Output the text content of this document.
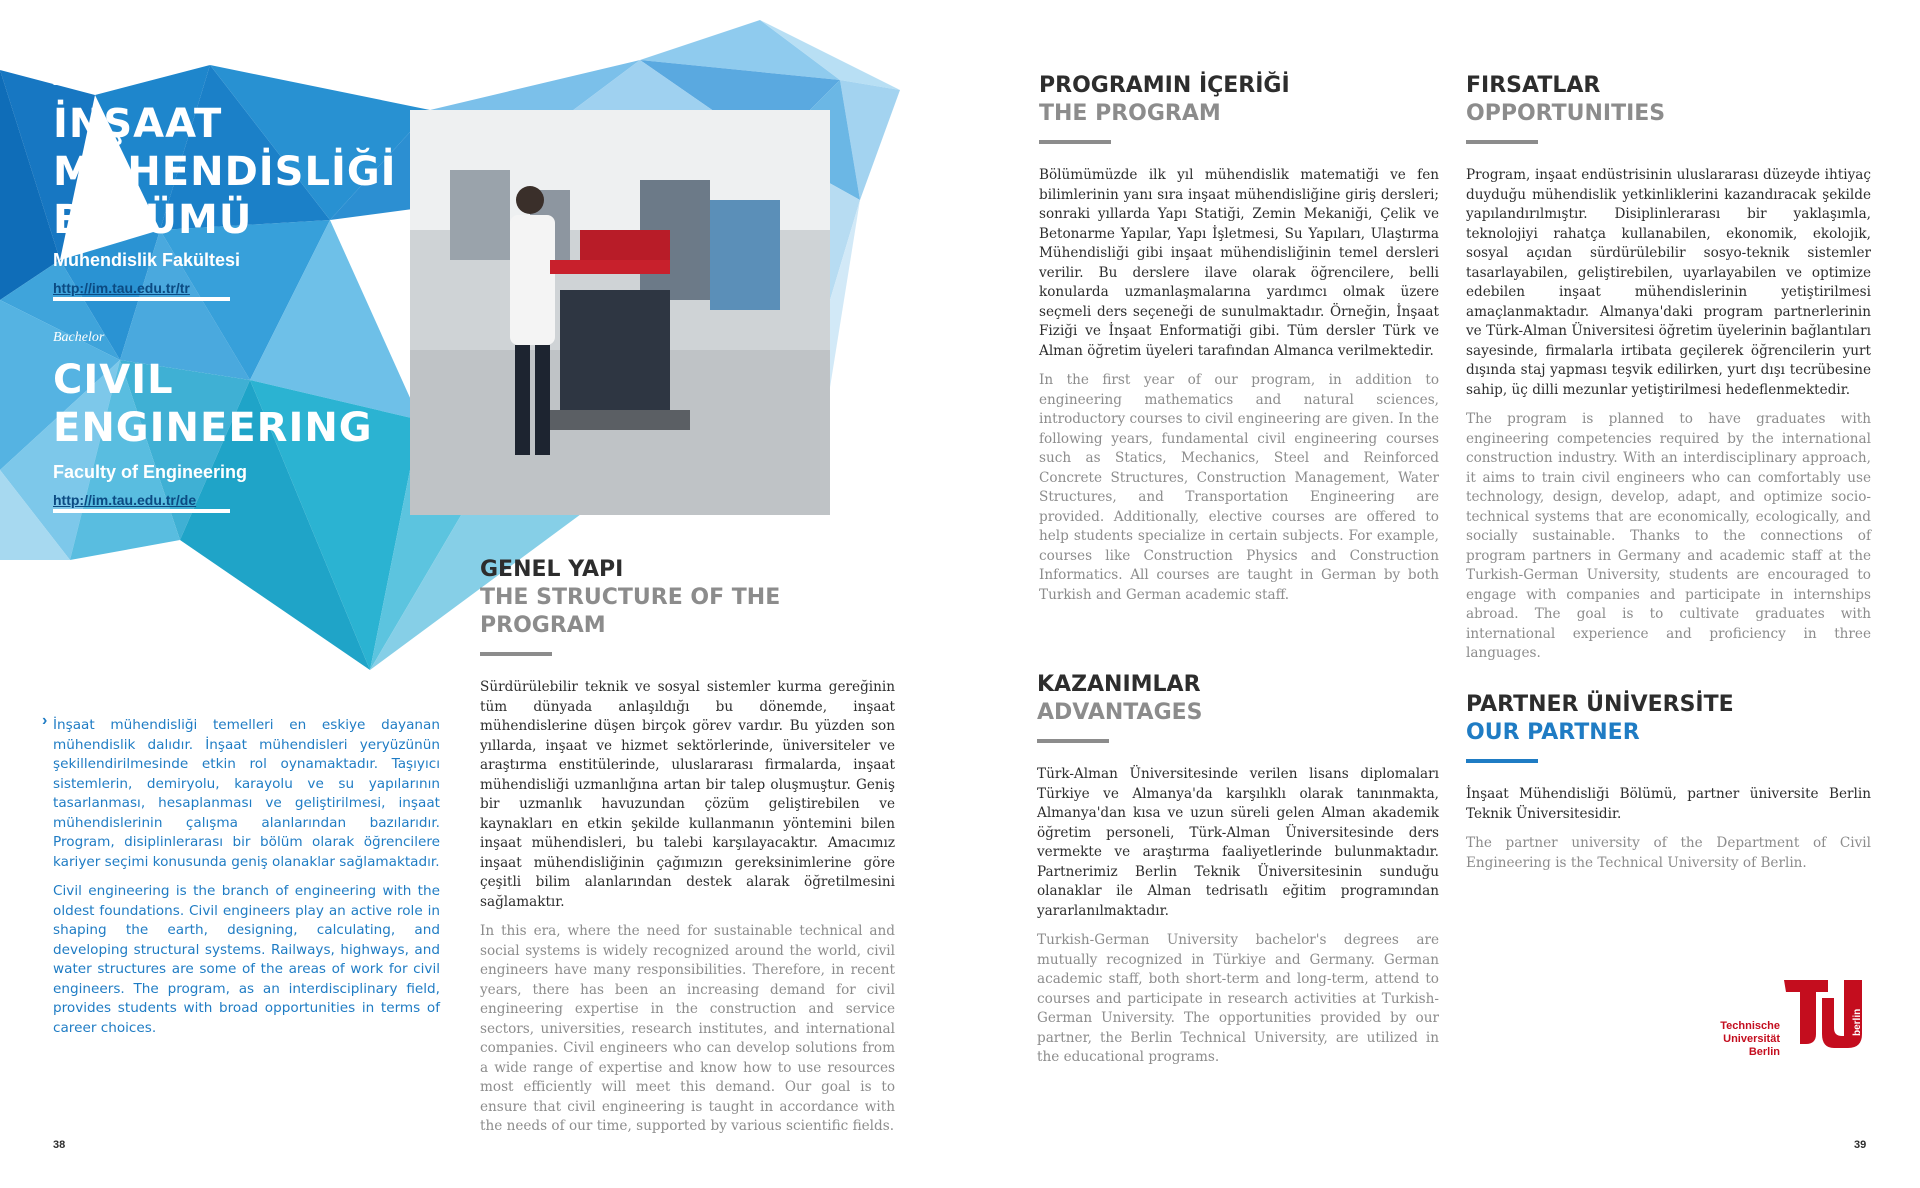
Lisans
İNŞAAT
MÜHENDİSLİĞİ
BÖLÜMÜ
Mühendislik Fakültesi
http://im.tau.edu.tr/tr
Bachelor
CIVIL
ENGINEERING
Faculty of Engineering
http://im.tau.edu.tr/de
› İnşaat mühendisliği temelleri en eskiye dayanan mühendislik dalıdır. İnşaat mühendisleri yeryüzünün şekillendirilmesinde etkin rol oynamaktadır. Taşıyıcı sistemlerin, demiryolu, karayolu ve su yapılarının tasarlanması, hesaplanması ve geliştirilmesi, inşaat mühendislerinin çalışma alanlarından bazılarıdır. Program, disiplinlerarası bir bölüm olarak öğrencilere kariyer seçimi konusunda geniş olanaklar sağlamaktadır.

Civil engineering is the branch of engineering with the oldest foundations. Civil engineers play an active role in shaping the earth, designing, calculating, and developing structural systems. Railways, highways, and water structures are some of the areas of work for civil engineers. The program, as an interdisciplinary field, provides students with broad opportunities in terms of career choices.

GENEL YAPI
THE STRUCTURE OF THE PROGRAM

Sürdürülebilir teknik ve sosyal sistemler kurma gereğinin tüm dünyada anlaşıldığı bu dönemde, inşaat mühendislerine düşen birçok görev vardır. Bu yüzden son yıllarda, inşaat ve hizmet sektörlerinde, üniversiteler ve araştırma enstitülerinde, uluslararası firmalarda, inşaat mühendisliği uzmanlığına artan bir talep oluşmuştur. Geniş bir uzmanlık havuzundan çözüm geliştirebilen ve kaynakları en etkin şekilde kullanmanın yöntemini bilen inşaat mühendisleri, bu talebi karşılayacaktır. Amacımız inşaat mühendisliğinin çağımızın gereksinimlerine göre çeşitli bilim alanlarından destek alarak öğretilmesini sağlamaktır.

In this era, where the need for sustainable technical and social systems is widely recognized around the world, civil engineers have many responsibilities. Therefore, in recent years, there has been an increasing demand for civil engineering expertise in the construction and service sectors, universities, research institutes, and international companies. Civil engineers who can develop solutions from a wide range of expertise and know how to use resources most efficiently will meet this demand. Our goal is to ensure that civil engineering is taught in accordance with the needs of our time, supported by various scientific fields.

PROGRAMIN İÇERİĞİ
THE PROGRAM

Bölümümüzde ilk yıl mühendislik matematiği ve fen bilimlerinin yanı sıra inşaat mühendisliğine giriş dersleri; sonraki yıllarda Yapı Statiği, Zemin Mekaniği, Çelik ve Betonarme Yapılar, Yapı İşletmesi, Su Yapıları, Ulaştırma Mühendisliği gibi inşaat mühendisliğinin temel dersleri verilir. Bu derslere ilave olarak öğrencilere, belli konularda uzmanlaşmalarına yardımcı olmak üzere seçmeli ders seçeneği de sunulmaktadır. Örneğin, İnşaat Fiziği ve İnşaat Enformatiği gibi. Tüm dersler Türk ve Alman öğretim üyeleri tarafından Almanca verilmektedir.

In the first year of our program, in addition to engineering mathematics and natural sciences, introductory courses to civil engineering are given. In the following years, fundamental civil engineering courses such as Statics, Mechanics, Steel and Reinforced Concrete Structures, Construction Management, Water Structures, and Transportation Engineering are provided. Additionally, elective courses are offered to help students specialize in certain subjects. For example, courses like Construction Physics and Construction Informatics. All courses are taught in German by both Turkish and German academic staff.

FIRSATLAR
OPPORTUNITIES

Program, inşaat endüstrisinin uluslararası düzeyde ihtiyaç duyduğu mühendislik yetkinliklerini kazandıracak şekilde yapılandırılmıştır. Disiplinlerarası bir yaklaşımla, teknolojiyi rahatça kullanabilen, ekonomik, ekolojik, sosyal açıdan sürdürülebilir sosyo-teknik sistemler tasarlayabilen, geliştirebilen, uyarlayabilen ve optimize edebilen inşaat mühendislerinin yetiştirilmesi amaçlanmaktadır. Almanya'daki program partnerlerinin ve Türk-Alman Üniversitesi öğretim üyelerinin bağlantıları sayesinde, firmalarla irtibata geçilerek öğrencilerin yurt dışında staj yapması teşvik edilirken, yurt dışı tecrübesine sahip, üç dilli mezunlar yetiştirilmesi hedeflenmektedir.

The program is planned to have graduates with engineering competencies required by the international construction industry. With an interdisciplinary approach, it aims to train civil engineers who can comfortably use technology, design, develop, adapt, and optimize socio-technical systems that are economically, ecologically, and socially sustainable. Thanks to the connections of program partners in Germany and academic staff at the Turkish-German University, students are encouraged to engage with companies and participate in internships abroad. The goal is to cultivate graduates with international experience and proficiency in three languages.

KAZANIMLAR
ADVANTAGES

Türk-Alman Üniversitesinde verilen lisans diplomaları Türkiye ve Almanya'da karşılıklı olarak tanınmakta, Almanya'dan kısa ve uzun süreli gelen Alman akademik öğretim personeli, Türk-Alman Üniversitesinde ders vermekte ve araştırma faaliyetlerinde bulunmaktadır. Partnerimiz Berlin Teknik Üniversitesinin sunduğu olanaklar ile Alman tedrisatlı eğitim programından yararlanılmaktadır.

Turkish-German University bachelor's degrees are mutually recognized in Türkiye and Germany. German academic staff, both short-term and long-term, attend to courses and participate in research activities at Turkish-German University. The opportunities provided by our partner, the Berlin Technical University, are utilized in the educational programs.

PARTNER ÜNİVERSİTE
OUR PARTNER

İnşaat Mühendisliği Bölümü, partner üniversite Berlin Teknik Üniversitesidir.

The partner university of the Department of Civil Engineering is the Technical University of Berlin.

Technische
Universität
Berlin
berlin
38	39
